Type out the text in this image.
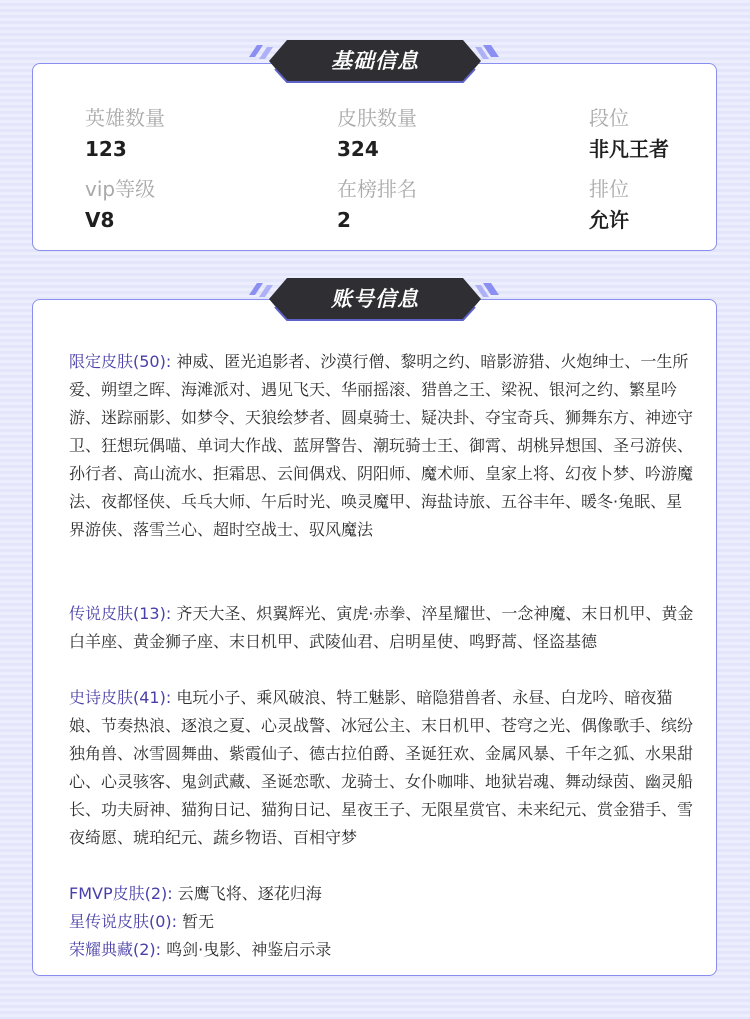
英雄数量
123
皮肤数量
324
段位
非凡王者
vip等级
V8
在榜排名
2
排位
允许
基础信息
账号信息

限定皮肤(50): 神威、匿光追影者、沙漠行僧、黎明之约、暗影游猎、火炮绅士、一生所爱、朔望之晖、海滩派对、遇见飞天、华丽摇滚、猎兽之王、梁祝、银河之约、繁星吟游、迷踪丽影、如梦令、天狼绘梦者、圆桌骑士、疑决卦、夺宝奇兵、狮舞东方、神迹守卫、狂想玩偶喵、单词大作战、蓝屏警告、潮玩骑士王、御霄、胡桃异想国、圣弓游侠、孙行者、高山流水、拒霜思、云间偶戏、阴阳师、魔术师、皇家上将、幻夜卜梦、吟游魔法、夜都怪侠、乓乓大师、午后时光、唤灵魔甲、海盐诗旅、五谷丰年、暖冬·兔眠、星界游侠、落雪兰心、超时空战士、驭风魔法

传说皮肤(13): 齐天大圣、炽翼辉光、寅虎·赤拳、淬星耀世、一念神魔、末日机甲、黄金白羊座、黄金狮子座、末日机甲、武陵仙君、启明星使、鸣野蒿、怪盗基德

史诗皮肤(41): 电玩小子、乘风破浪、特工魅影、暗隐猎兽者、永昼、白龙吟、暗夜猫娘、节奏热浪、逐浪之夏、心灵战警、冰冠公主、末日机甲、苍穹之光、偶像歌手、缤纷独角兽、冰雪圆舞曲、紫霞仙子、德古拉伯爵、圣诞狂欢、金属风暴、千年之狐、水果甜心、心灵骇客、鬼剑武藏、圣诞恋歌、龙骑士、女仆咖啡、地狱岩魂、舞动绿茵、幽灵船长、功夫厨神、猫狗日记、猫狗日记、星夜王子、无限星赏官、未来纪元、赏金猎手、雪夜绮愿、琥珀纪元、蔬乡物语、百相守梦

FMVP皮肤(2): 云鹰飞将、逐花归海

星传说皮肤(0): 暂无

荣耀典藏(2): 鸣剑·曳影、神鉴启示录
